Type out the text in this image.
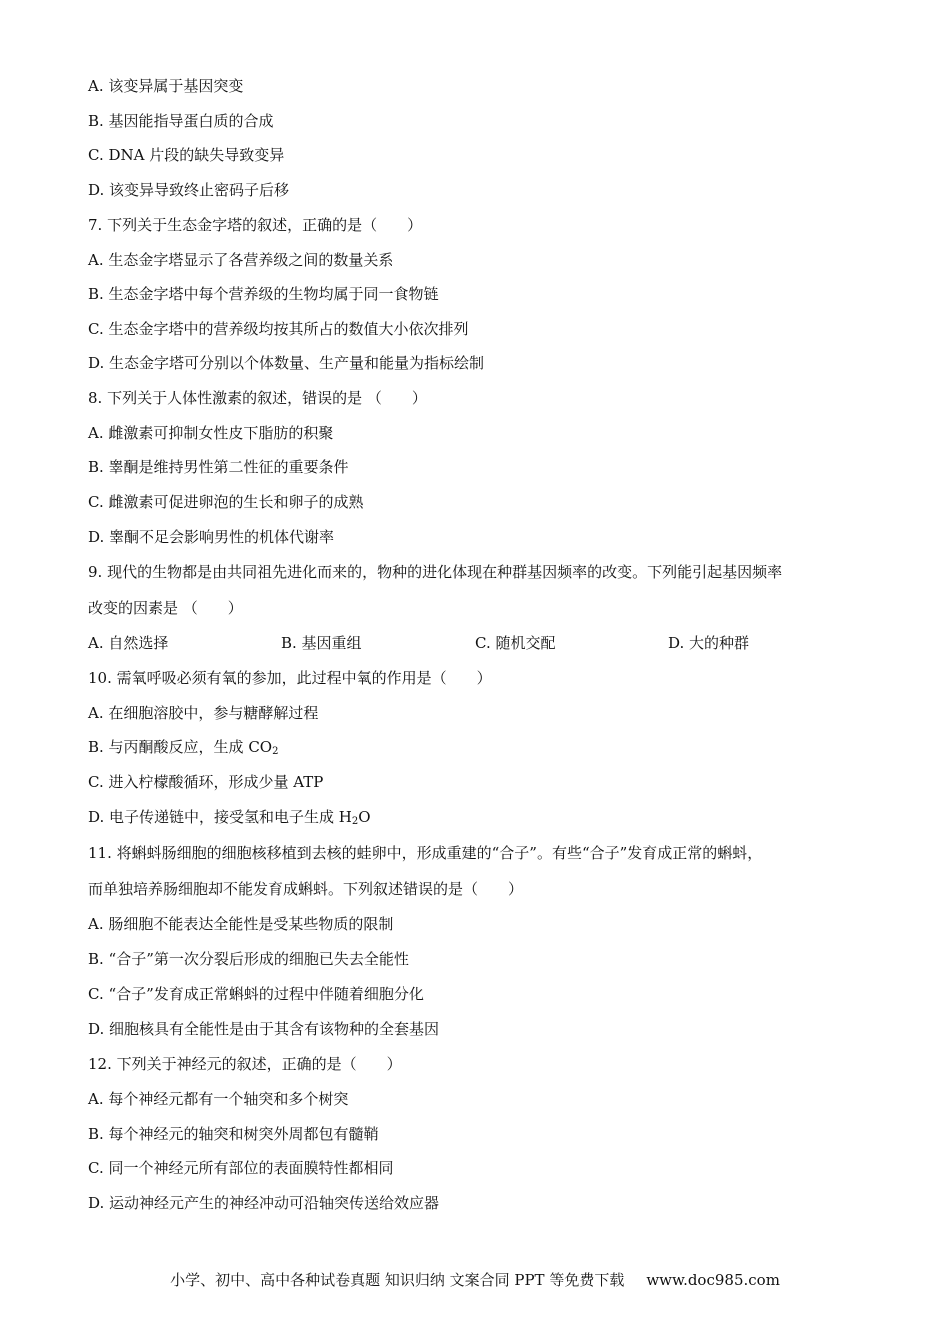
A. 该变异属于基因突变
B. 基因能指导蛋白质的合成
C. DNA 片段的缺失导致变异
D. 该变异导致终止密码子后移
7. 下列关于生态金字塔的叙述，正确的是（　　）
A. 生态金字塔显示了各营养级之间的数量关系
B. 生态金字塔中每个营养级的生物均属于同一食物链
C. 生态金字塔中的营养级均按其所占的数值大小依次排列
D. 生态金字塔可分别以个体数量、生产量和能量为指标绘制
8. 下列关于人体性激素的叙述，错误的是 （　　）
A. 雌激素可抑制女性皮下脂肪的积聚
B. 睾酮是维持男性第二性征的重要条件
C. 雌激素可促进卵泡的生长和卵子的成熟
D. 睾酮不足会影响男性的机体代谢率
9. 现代的生物都是由共同祖先进化而来的，物种的进化体现在种群基因频率的改变。下列能引起基因频率
改变的因素是 （　　）
A. 自然选择	B. 基因重组	C. 随机交配	D. 大的种群
10. 需氧呼吸必须有氧的参加，此过程中氧的作用是（　　）
A. 在细胞溶胶中，参与糖酵解过程
B. 与丙酮酸反应，生成 $CO_2$
C. 进入柠檬酸循环，形成少量 ATP
D. 电子传递链中，接受氢和电子生成 $H_2O$
11. 将蝌蚪肠细胞的细胞核移植到去核的蛙卵中，形成重建的“合子”。有些“合子”发育成正常的蝌蚪，
而单独培养肠细胞却不能发育成蝌蚪。下列叙述错误的是（　　）
A. 肠细胞不能表达全能性是受某些物质的限制
B. “合子”第一次分裂后形成的细胞已失去全能性
C. “合子”发育成正常蝌蚪的过程中伴随着细胞分化
D. 细胞核具有全能性是由于其含有该物种的全套基因
12. 下列关于神经元的叙述，正确的是（　　）
A. 每个神经元都有一个轴突和多个树突
B. 每个神经元的轴突和树突外周都包有髓鞘
C. 同一个神经元所有部位的表面膜特性都相同
D. 运动神经元产生的神经冲动可沿轴突传送给效应器
小学、初中、高中各种试卷真题 知识归纳 文案合同 PPT 等免费下载 www.doc985.com
